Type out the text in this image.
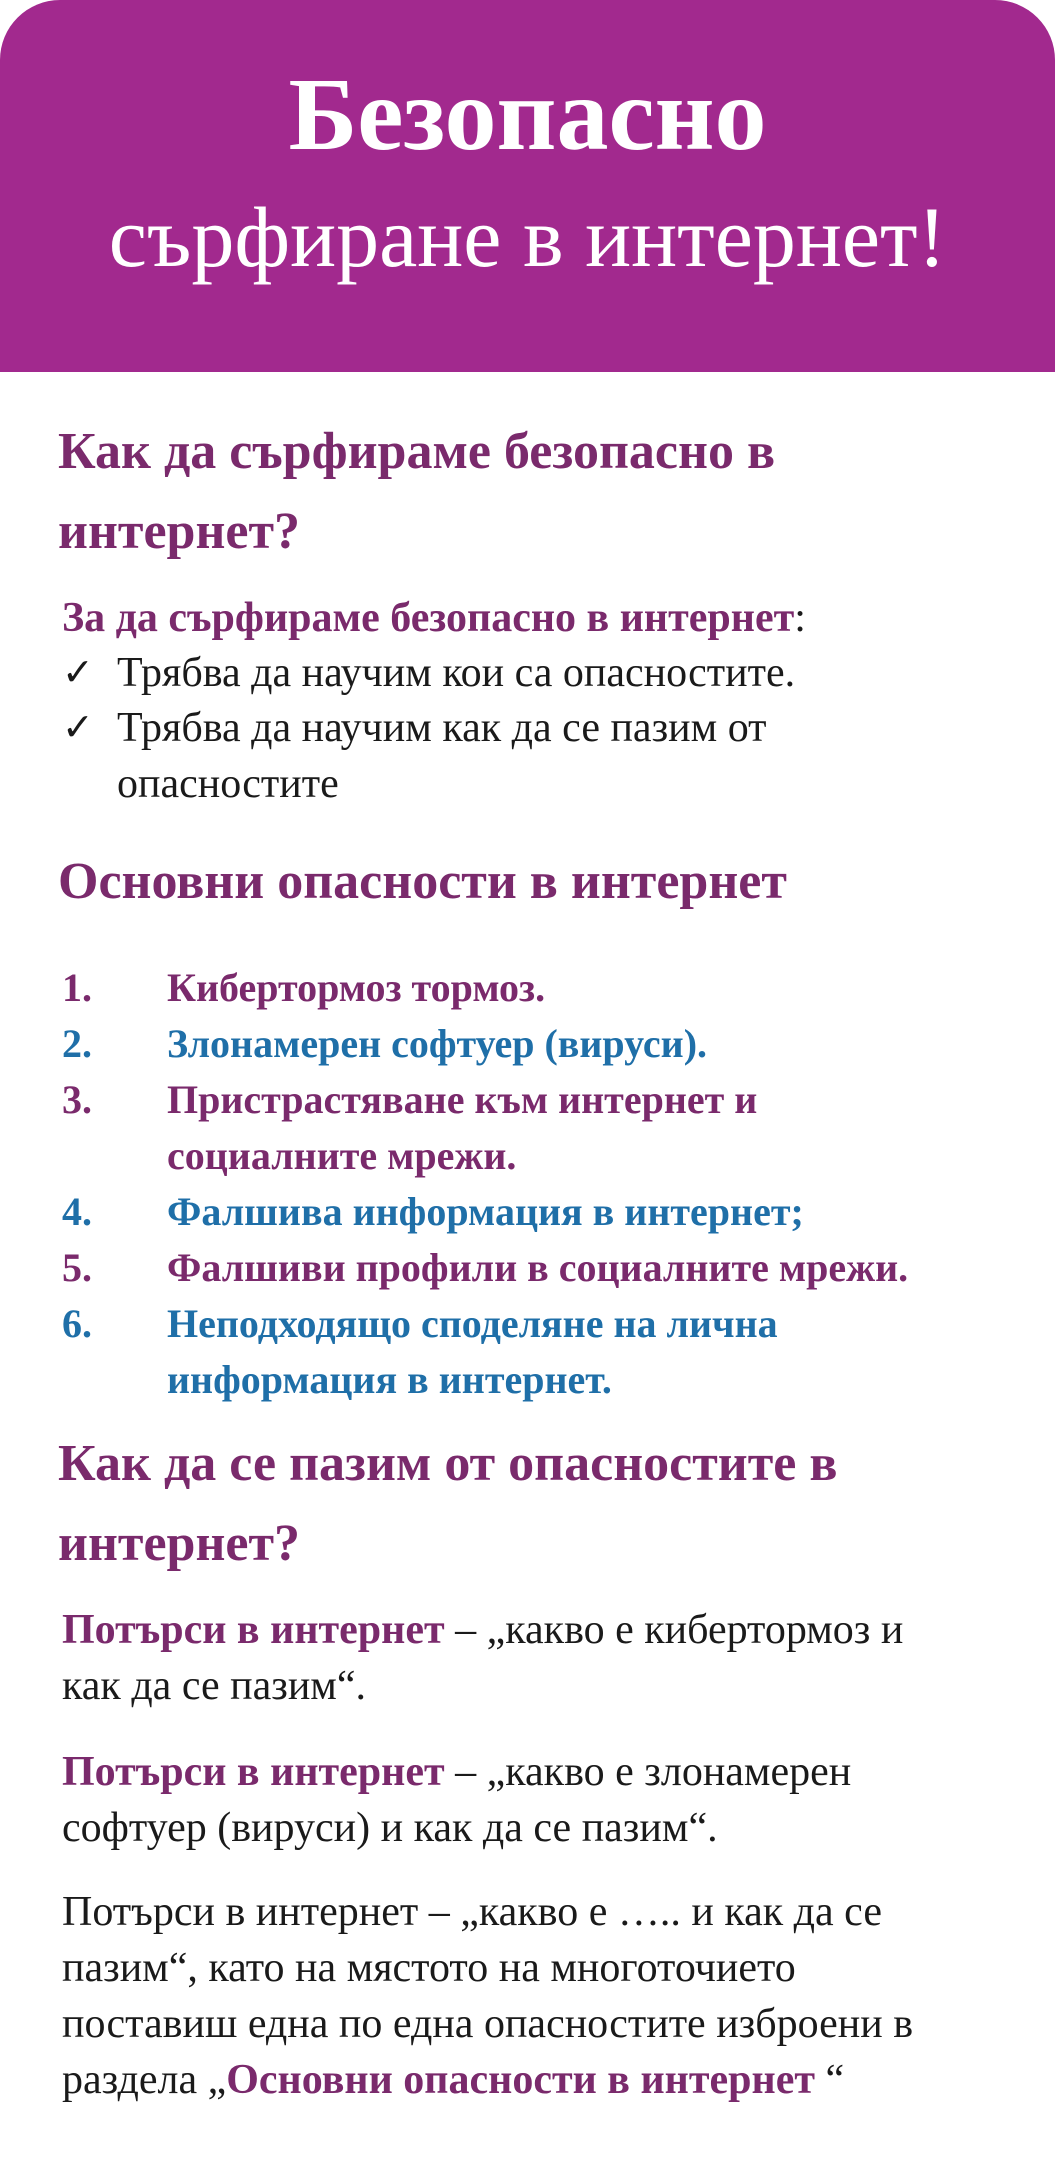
Безопасно
сърфиране в интернет!
Как да сърфираме безопасно в
интернет?
За да сърфираме безопасно в интернет:
✓ Трябва да научим кои са опасностите.
✓ Трябва да научим как да се пазим от
опасностите
Основни опасности в интернет
1.	Кибертормоз тормоз.
2.	Злонамерен софтуер (вируси).
3.	Пристрастяване към интернет и
социалните мрежи.
4.	Фалшива информация в интернет;
5.	Фалшиви профили в социалните мрежи.
6.	Неподходящо споделяне на лична
информация в интернет.
Как да се пазим от опасностите в
интернет?
Потърси в интернет – „какво е кибертормоз и
как да се пазим“.
Потърси в интернет – „какво е злонамерен
софтуер (вируси) и как да се пазим“.
Потърси в интернет – „какво е ….. и как да се
пазим“, като на мястото на многоточието
поставиш една по една опасностите изброени в
раздела „Основни опасности в интернет “
